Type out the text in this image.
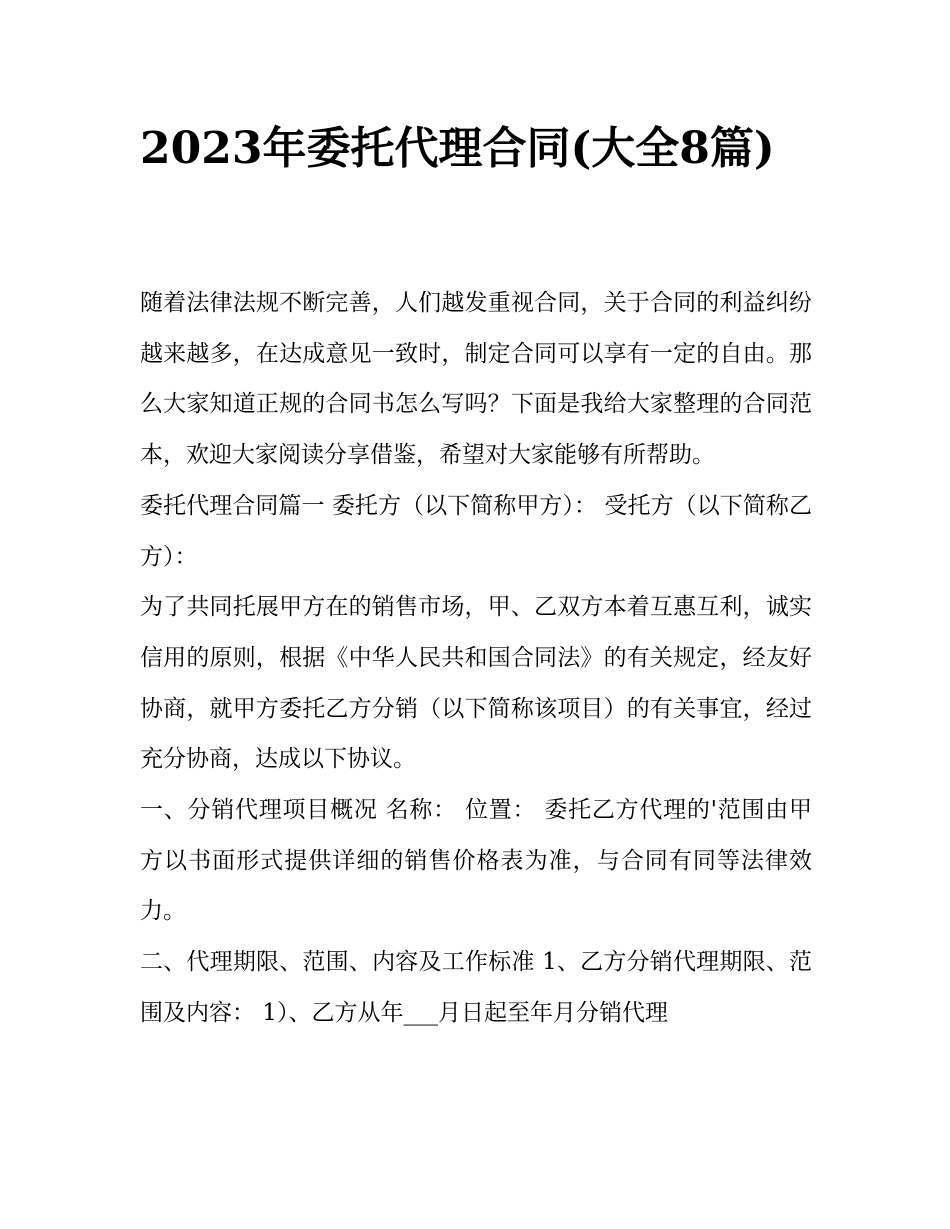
2023年委托代理合同(大全8篇)

随着法律法规不断完善，人们越发重视合同，关于合同的利益纠纷越来越多，在达成意见一致时，制定合同可以享有一定的自由。那么大家知道正规的合同书怎么写吗？下面是我给大家整理的合同范本，欢迎大家阅读分享借鉴，希望对大家能够有所帮助。

委托代理合同篇一 委托方（以下简称甲方）： 受托方（以下简称乙方）：

为了共同托展甲方在的销售市场，甲、乙双方本着互惠互利，诚实信用的原则，根据《中华人民共和国合同法》的有关规定，经友好协商，就甲方委托乙方分销（以下简称该项目）的有关事宜，经过充分协商，达成以下协议。

一、分销代理项目概况 名称： 位置： 委托乙方代理的'范围由甲方以书面形式提供详细的销售价格表为准，与合同有同等法律效力。

二、代理期限、范围、内容及工作标准 1、乙方分销代理期限、范围及内容： 1）、乙方从年___月日起至年月分销代理
